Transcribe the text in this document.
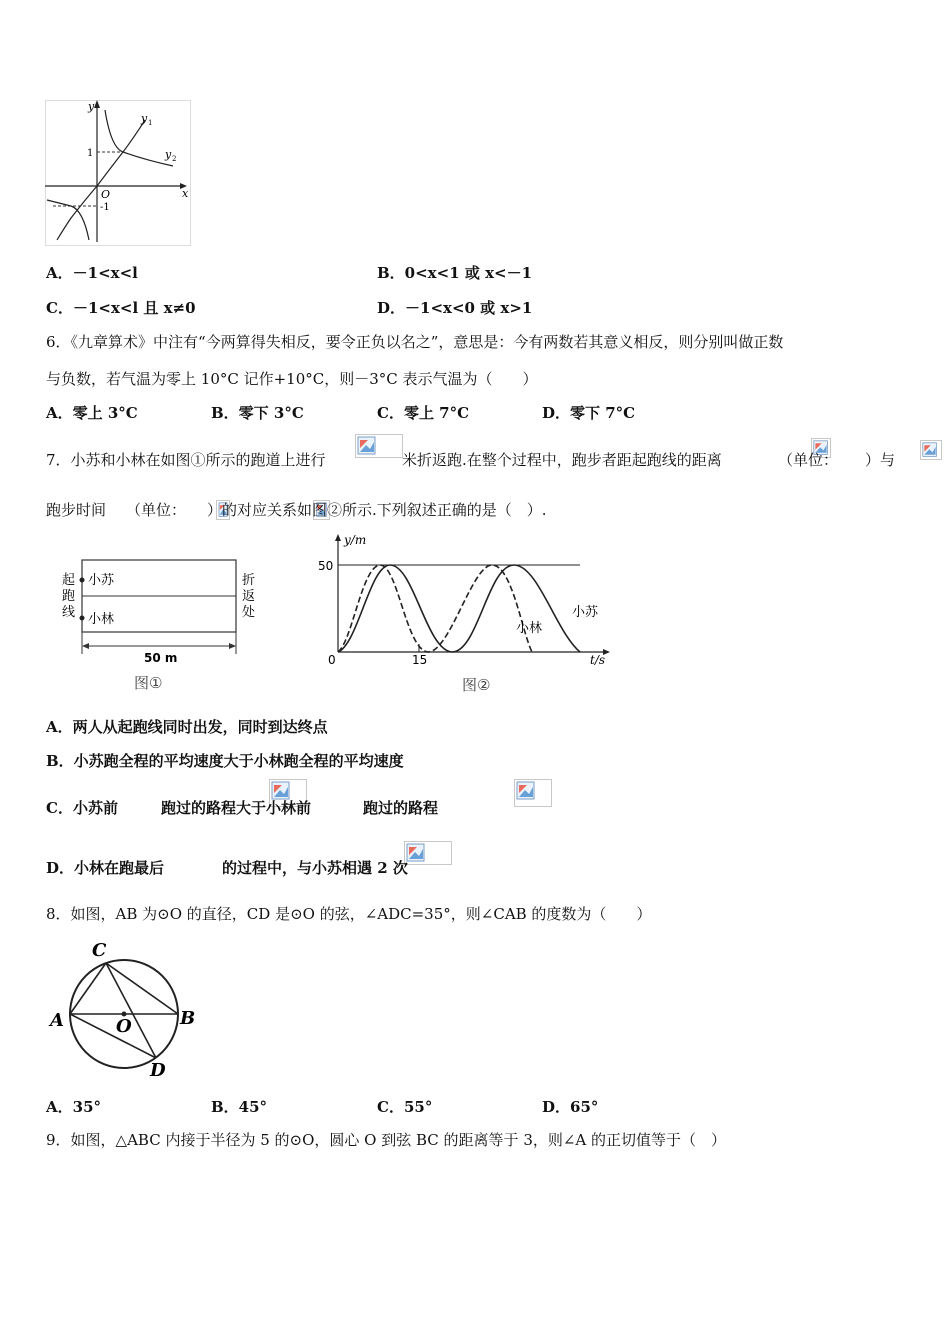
y
x
O
1
-1
y 1
y 2
A．－1<x<l	B．0<x<1 或 x<－1
C．－1<x<l 且 x≠0	D．－1<x<0 或 x>1
6．《九章算术》中注有“今两算得失相反，要令正负以名之”，意思是：今有两数若其意义相反，则分别叫做正数
与负数，若气温为零上 10°C 记作+10°C，则－3°C 表示气温为（　　）
A．零上 3°C	B．零下 3°C	C．零上 7°C	D．零下 7°C
7．小苏和小林在如图①所示的跑道上进行
	米折返跑.在整个过程中，跑步者距起跑线的距离
	（单位：
）与
跑步时间
（单位：
）的对应关系如图②所示.下列叙述正确的是（　）.
小苏
小林
起
跑
线
折
返
处
50 m
图①
y/m
t/s
50
15
0
小林
小苏
图②
A．两人从起跑线同时出发，同时到达终点
B．小苏跑全程的平均速度大于小林跑全程的平均速度
C．小苏前
	跑过的路程大于小林前
	跑过的路程
D．小林在跑最后	的过程中，与小苏相遇 2 次
8．如图，AB 为⊙O 的直径，CD 是⊙O 的弦，∠ADC=35°，则∠CAB 的度数为（　　）
A	B
C
D
O
A．35°	B．45°	C．55°	D．65°
9．如图，△ABC 内接于半径为 5 的⊙O，圆心 O 到弦 BC 的距离等于 3，则∠A 的正切值等于（　）
